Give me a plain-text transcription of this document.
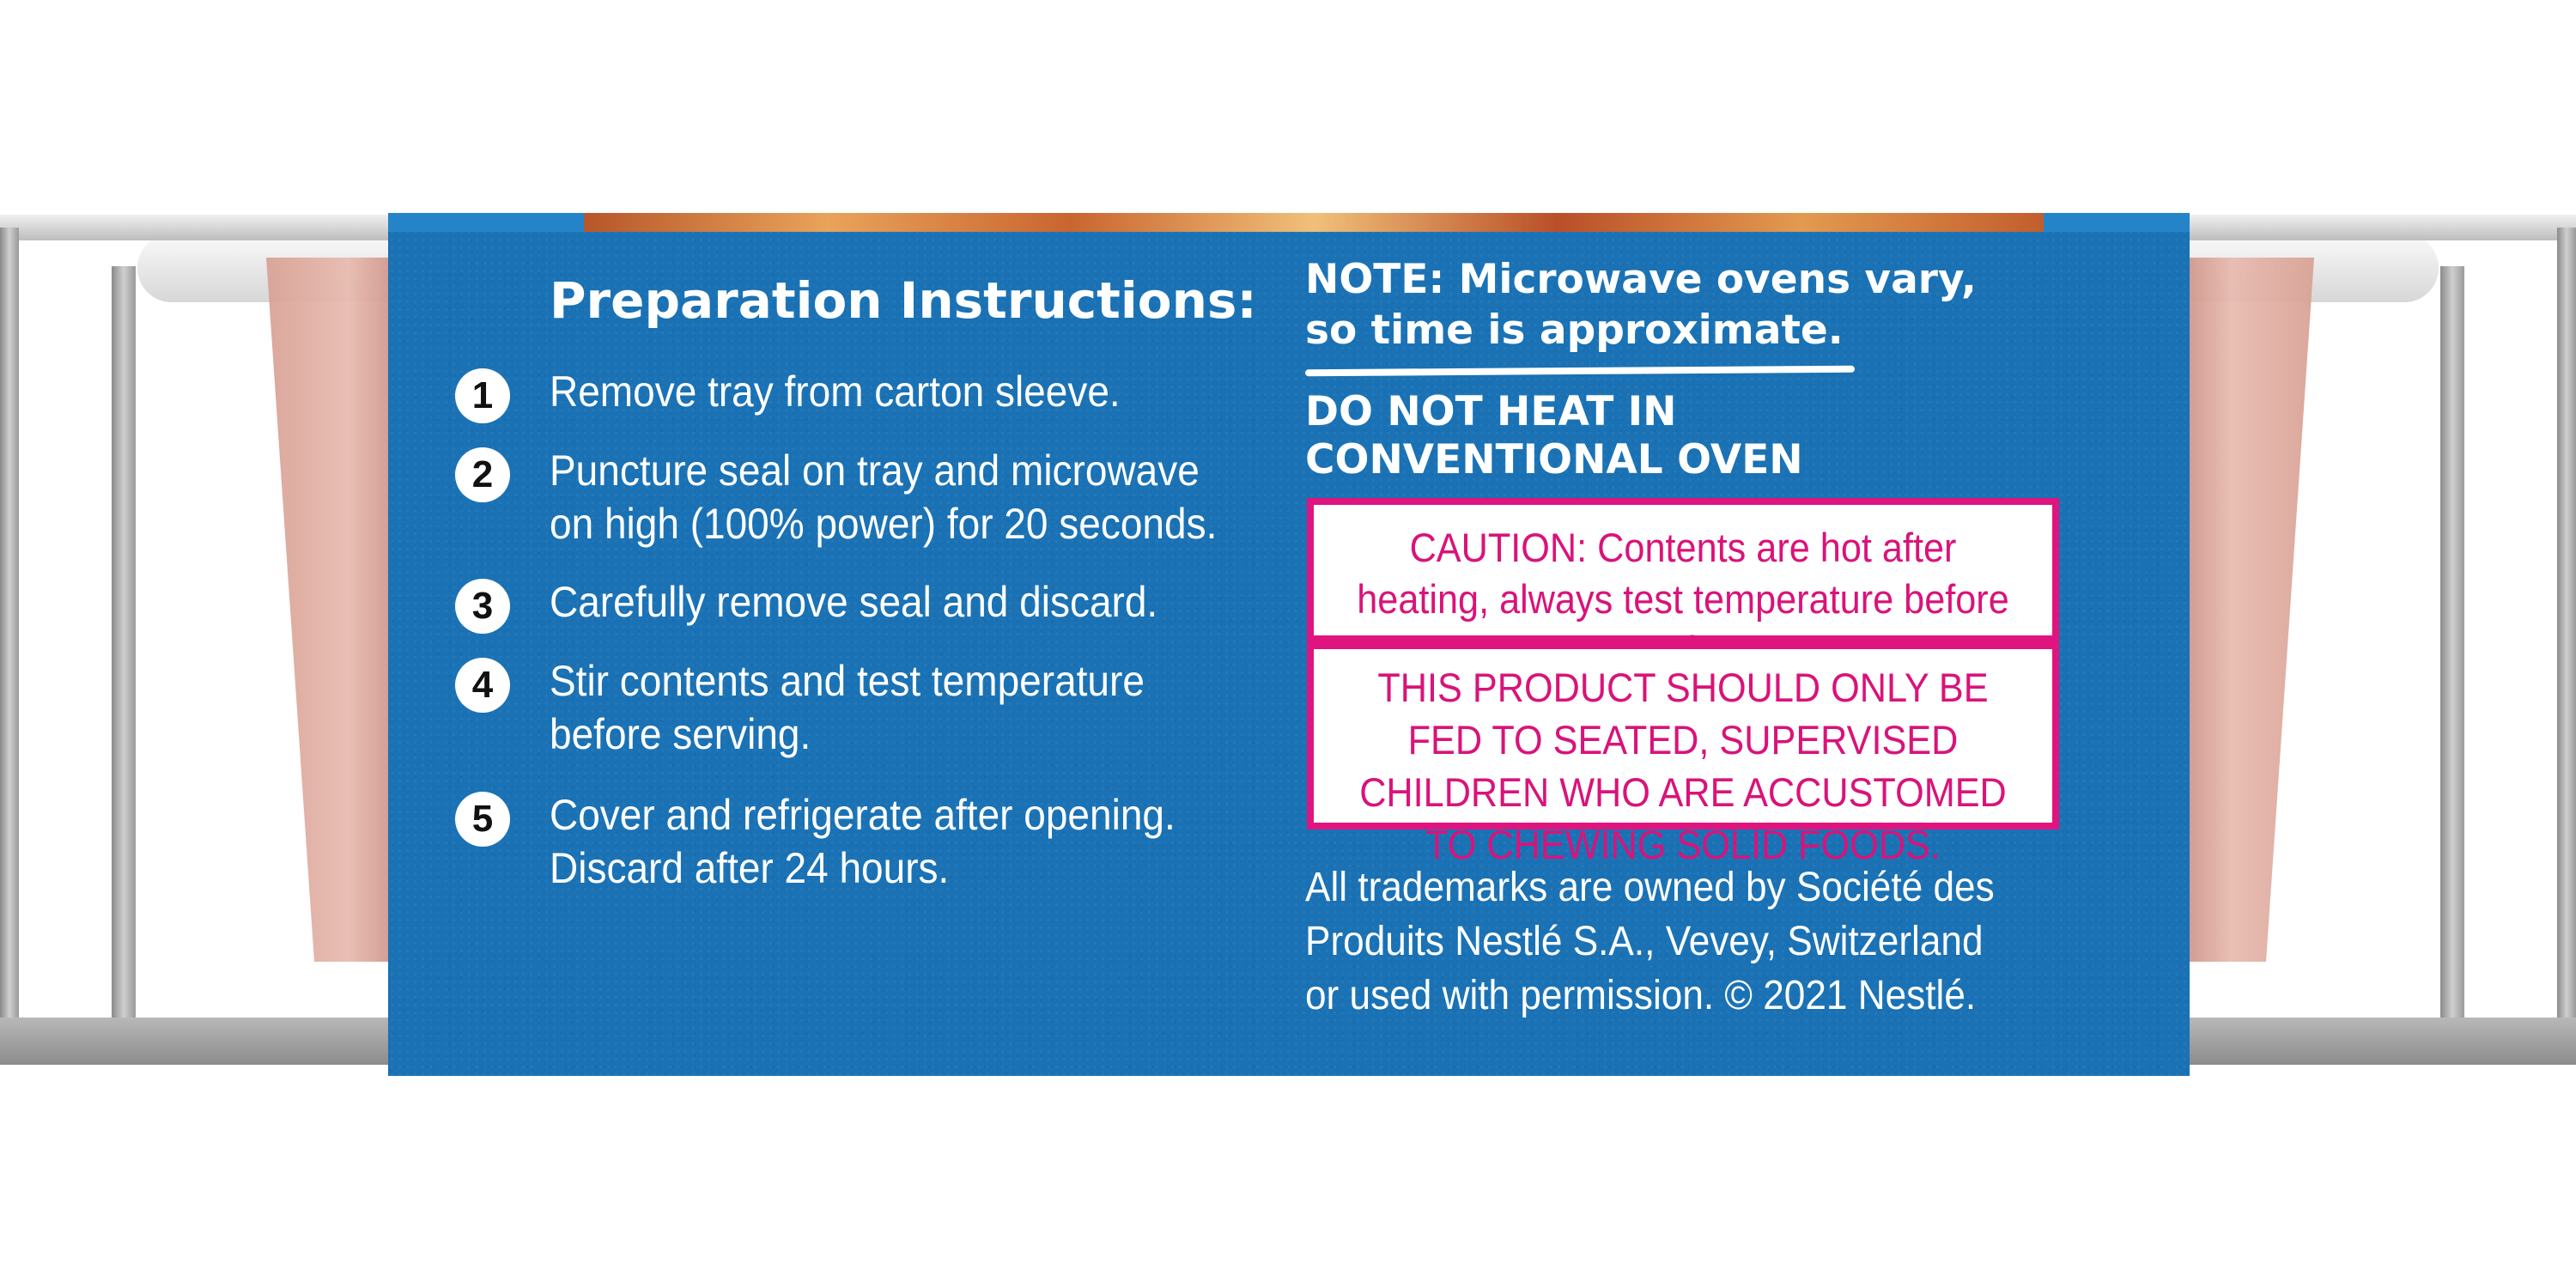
Preparation Instructions:
1	Remove tray from carton sleeve.
2	Puncture seal on tray and microwave on high (100% power) for 20 seconds.
3	Carefully remove seal and discard.
4	Stir contents and test temperature before serving.
5	Cover and refrigerate after opening. Discard after 24 hours.
NOTE: Microwave ovens vary, so time is approximate.
DO NOT HEAT IN CONVENTIONAL OVEN
CAUTION: Contents are hot after heating, always test temperature before
THIS PRODUCT SHOULD ONLY BE FED TO SEATED, SUPERVISED CHILDREN WHO ARE ACCUSTOMED TO CHEWING SOLID FOODS.
All trademarks are owned by Société des Produits Nestlé S.A., Vevey, Switzerland or used with permission. © 2021 Nestlé.
